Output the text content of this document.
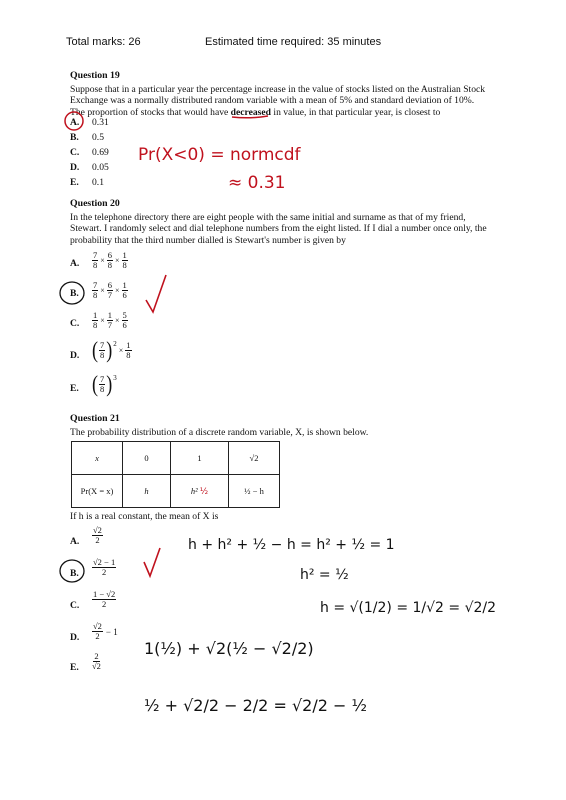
Total marks: 26	Estimated time required: 35 minutes
Question 19
Suppose that in a particular year the percentage increase in the value of stocks listed on the Australian Stock
Exchange was a normally distributed random variable with a mean of 5% and standard deviation of 10%.
The proportion of stocks that would have decreased in value, in that particular year, is closest to
A. 0.31
B. 0.5
C. 0.69
D. 0.05
E. 0.1
Question 20
In the telephone directory there are eight people with the same initial and surname as that of my friend,
Stewart. I randomly select and dial telephone numbers from the eight listed. If I dial a number once only, the
probability that the third number dialled is Stewart's number is given by
A.	$\frac{7}{8} \times \frac{6}{8} \times \frac{1}{8}$
B.	$\frac{7}{8} \times \frac{6}{7} \times \frac{1}{6}$
C.	$\frac{1}{8} \times \frac{1}{7} \times \frac{5}{6}$
D. ( 7
8 )$^2$
× $\frac{1}{8}$
E. ( 7
8 )$^3$
Question 21
The probability distribution of a discrete random variable, X, is shown below.
x	0	1	√2
Pr(X = x)	h	h² ½	½ − h
If h is a real constant, the mean of X is
A.
√2
2
B.
√2 − 1
2
C.
1 − √2
2
D.
√2
2 − 1
E.
2
√2
Pr(X<0) = normcdf
≈ 0.31
h + h² + ½ − h = h² + ½ = 1
h² = ½
h = √(1/2) = 1/√2 = √2/2
1(½) + √2(½ − √2/2)
½ + √2/2 − 2/2 = √2/2 − ½
